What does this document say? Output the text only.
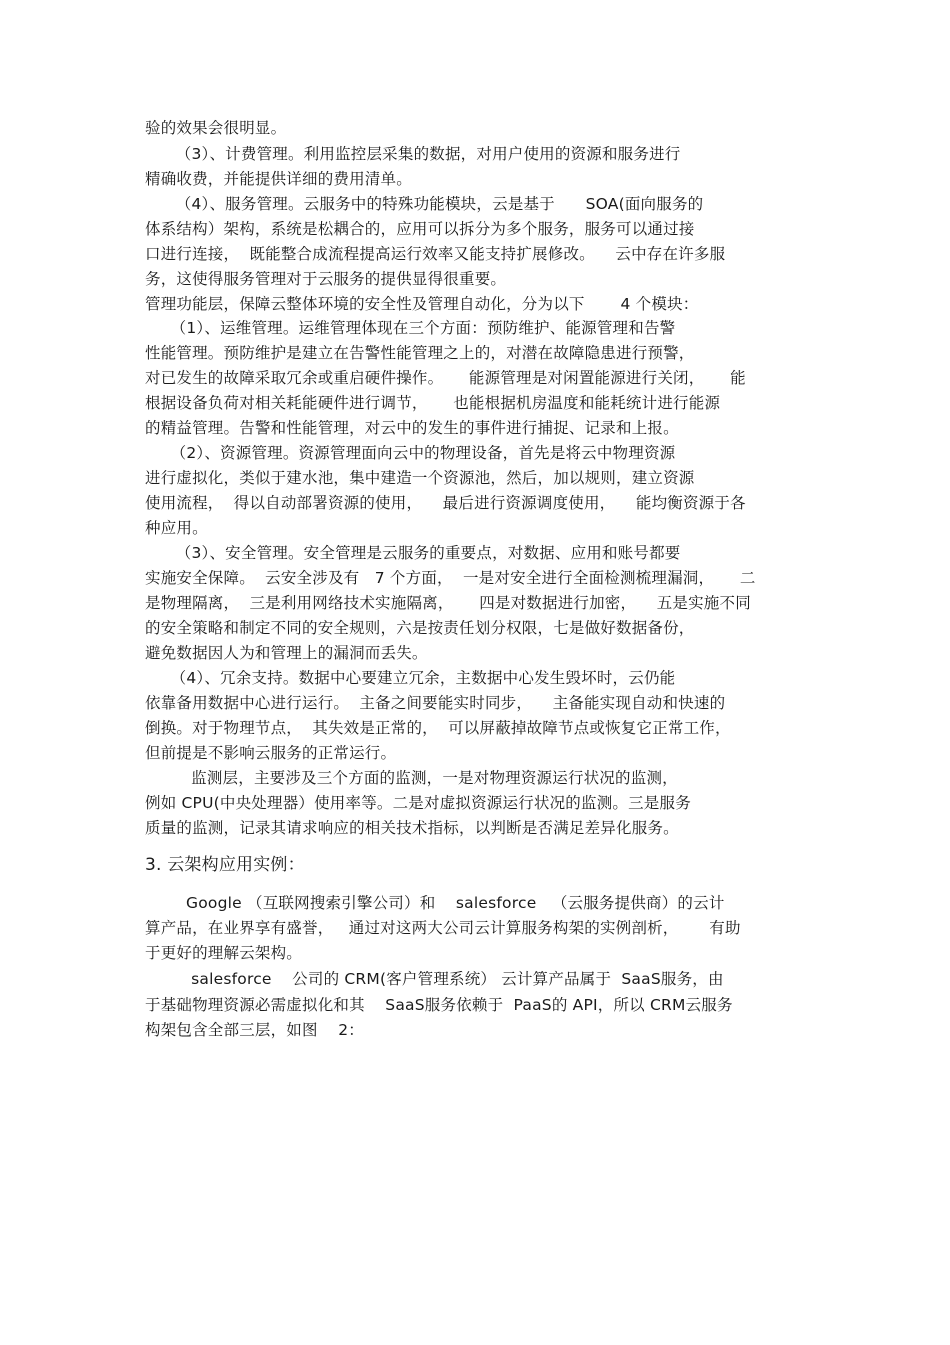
验的效果会很明显。
（3）、计费管理。利用监控层采集的数据，对用户使用的资源和服务进行
精确收费，并能提供详细的费用清单。
（4）、服务管理。云服务中的特殊功能模块，云是基于      SOA(面向服务的
体系结构）架构，系统是松耦合的，应用可以拆分为多个服务，服务可以通过接
口进行连接，  既能整合成流程提高运行效率又能支持扩展修改。    云中存在许多服
务，这使得服务管理对于云服务的提供显得很重要。
管理功能层，保障云整体环境的安全性及管理自动化，分为以下       4 个模块：
（1）、运维管理。运维管理体现在三个方面：预防维护、能源管理和告警
性能管理。预防维护是建立在告警性能管理之上的，对潜在故障隐患进行预警，
对已发生的故障采取冗余或重启硬件操作。     能源管理是对闲置能源进行关闭，     能
根据设备负荷对相关耗能硬件进行调节，     也能根据机房温度和能耗统计进行能源
的精益管理。告警和性能管理，对云中的发生的事件进行捕捉、记录和上报。
（2）、资源管理。资源管理面向云中的物理设备，首先是将云中物理资源
进行虚拟化，类似于建水池，集中建造一个资源池，然后，加以规则，建立资源
使用流程，  得以自动部署资源的使用，    最后进行资源调度使用，    能均衡资源于各
种应用。
（3）、安全管理。安全管理是云服务的重要点，对数据、应用和账号都要
实施安全保障。  云安全涉及有   7 个方面，  一是对安全进行全面检测梳理漏洞，     二
是物理隔离，  三是利用网络技术实施隔离，     四是对数据进行加密，    五是实施不同
的安全策略和制定不同的安全规则，六是按责任划分权限，七是做好数据备份，
避免数据因人为和管理上的漏洞而丢失。
（4）、冗余支持。数据中心要建立冗余，主数据中心发生毁坏时，云仍能
依靠备用数据中心进行运行。  主备之间要能实时同步，    主备能实现自动和快速的
倒换。对于物理节点，  其失效是正常的，  可以屏蔽掉故障节点或恢复它正常工作，
但前提是不影响云服务的正常运行。
监测层，主要涉及三个方面的监测，一是对物理资源运行状况的监测，
例如 CPU(中央处理器）使用率等。二是对虚拟资源运行状况的监测。三是服务
质量的监测，记录其请求响应的相关技术指标，以判断是否满足差异化服务。
3. 云架构应用实例：
Google （互联网搜索引擎公司）和    salesforce   （云服务提供商）的云计
算产品，在业界享有盛誉，   通过对这两大公司云计算服务构架的实例剖析，      有助
于更好的理解云架构。
salesforce    公司的 CRM(客户管理系统） 云计算产品属于  SaaS服务，由
于基础物理资源必需虚拟化和其    SaaS服务依赖于  PaaS的 API，所以 CRM云服务
构架包含全部三层，如图    2：
